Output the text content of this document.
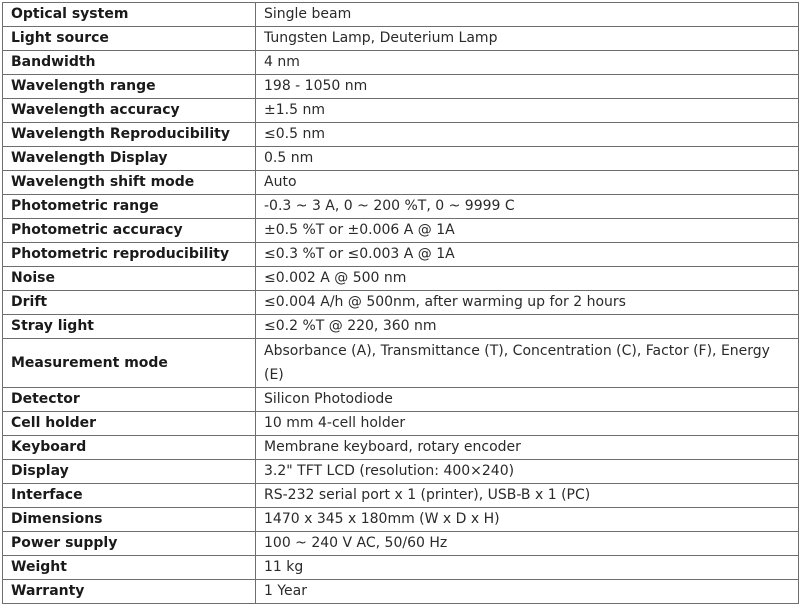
Optical system	Single beam
Light source	Tungsten Lamp, Deuterium Lamp
Bandwidth	4 nm
Wavelength range	198 - 1050 nm
Wavelength accuracy	±1.5 nm
Wavelength Reproducibility	≤0.5 nm
Wavelength Display	0.5 nm
Wavelength shift mode	Auto
Photometric range	-0.3 ~ 3 A, 0 ~ 200 %T, 0 ~ 9999 C
Photometric accuracy	±0.5 %T or ±0.006 A @ 1A
Photometric reproducibility	≤0.3 %T or ≤0.003 A @ 1A
Noise	≤0.002 A @ 500 nm
Drift	≤0.004 A/h @ 500nm, after warming up for 2 hours
Stray light	≤0.2 %T @ 220, 360 nm
Measurement mode	Absorbance (A), Transmittance (T), Concentration (C), Factor (F), Energy (E)
Detector	Silicon Photodiode
Cell holder	10 mm 4-cell holder
Keyboard	Membrane keyboard, rotary encoder
Display	3.2" TFT LCD (resolution: 400×240)
Interface	RS-232 serial port x 1 (printer), USB-B x 1 (PC)
Dimensions	1470 x 345 x 180mm (W x D x H)
Power supply	100 ~ 240 V AC, 50/60 Hz
Weight	11 kg
Warranty	1 Year
